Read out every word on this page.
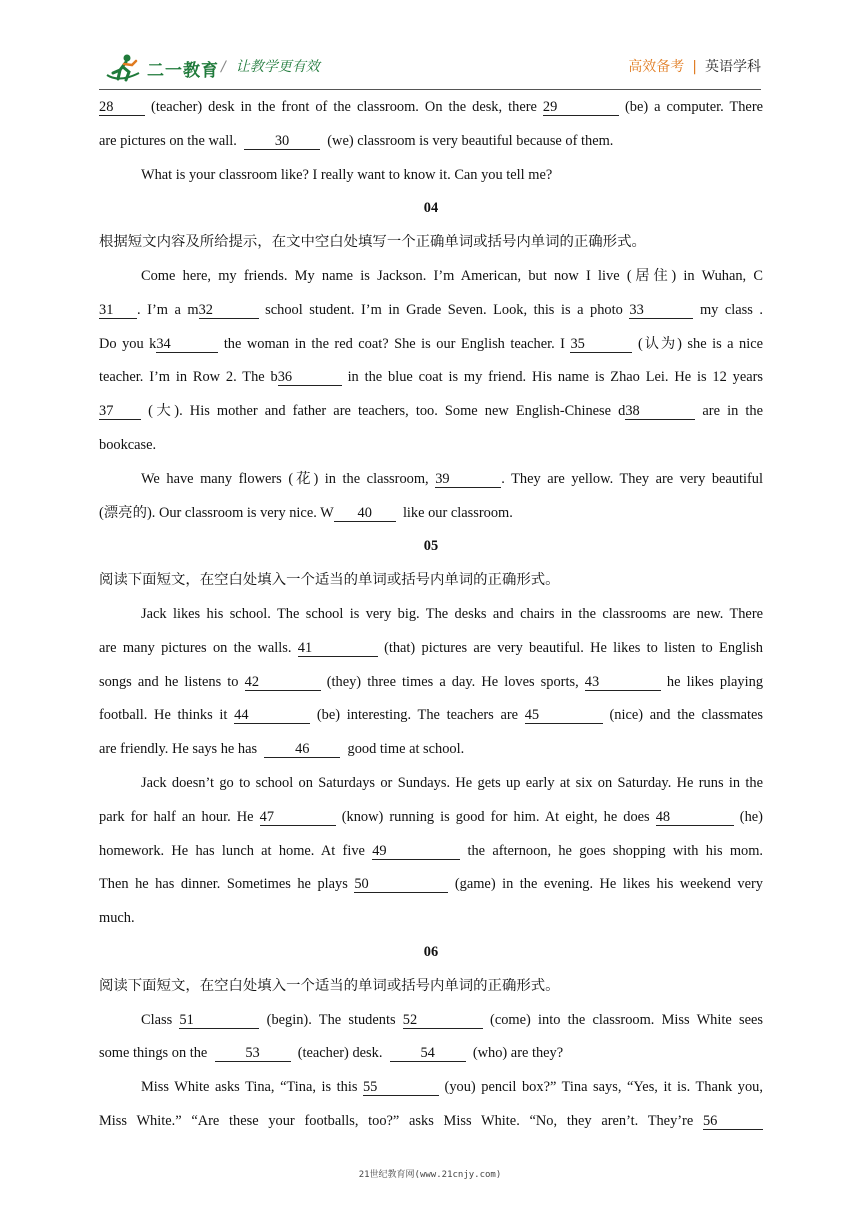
二一教育 / 让教学更有效	高效备考 | 英语学科
28	(teacher) desk in the front of the classroom. On the desk, there 29	(be) a computer. There
are pictures on the wall.	30	(we) classroom is very beautiful because of them.
What is your classroom like? I really want to know it. Can you tell me?
04
根据短文内容及所给提示，在文中空白处填写一个正确单词或括号内单词的正确形式。
Come here, my friends. My name is Jackson. I’m American, but now I live (居住) in Wuhan, C
31 . I’m a m32	school student. I’m in Grade Seven. Look, this is a photo 33	my class .
Do you k34	the woman in the red coat? She is our English teacher. I 35	(认为) she is a nice
teacher. I’m in Row 2. The b36	in the blue coat is my friend. His name is Zhao Lei. He is 12 years
37 (大). His mother and father are teachers, too. Some new English-Chinese d38	are in the
bookcase.
We have many flowers (花) in the classroom, 39	. They are yellow. They are very beautiful
(漂亮的). Our classroom is very nice. W 40 like our classroom.
05
阅读下面短文，在空白处填入一个适当的单词或括号内单词的正确形式。
Jack likes his school. The school is very big. The desks and chairs in the classrooms are new. There
are many pictures on the walls. 41	(that) pictures are very beautiful. He likes to listen to English
songs and he listens to 42	(they) three times a day. He loves sports, 43	he likes playing
football. He thinks it 44	(be) interesting. The teachers are 45	(nice) and the classmates
are friendly. He says he has	46	good time at school.
Jack doesn’t go to school on Saturdays or Sundays. He gets up early at six on Saturday. He runs in the
park for half an hour. He 47	(know) running is good for him. At eight, he does 48	(he)
homework. He has lunch at home. At five 49	the afternoon, he goes shopping with his mom.
Then he has dinner. Sometimes he plays 50	(game) in the evening. He likes his weekend very
much.
06
阅读下面短文，在空白处填入一个适当的单词或括号内单词的正确形式。
Class 51	(begin). The students 52	(come) into the classroom. Miss White sees
some things on the	53	(teacher) desk.	54	(who) are they?
Miss White asks Tina, “Tina, is this 55	(you) pencil box?” Tina says, “Yes, it is. Thank you,
Miss White.” “Are these your footballs, too?” asks Miss White. “No, they aren’t. They’re 56
21世纪教育网(www.21cnjy.com)
